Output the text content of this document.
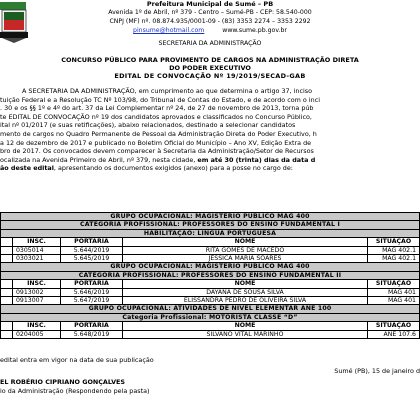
Prefeitura Municipal de Sumé – PB
Avenida 1º de Abril, nº 379 - Centro – Sumé-PB - CEP: 58.540-000
CNPJ (MF) nº. 08.874.935/0001-09 - (83) 3353 2274 – 3353 2292
pinsume@hotmail.com	www.sume.pb.gov.br
SECRETARIA DA ADMINISTRAÇÃO
CONCURSO PÚBLICO PARA PROVIMENTO DE CARGOS NA ADMINISTRAÇÃO DIRETA
DO PODER EXECUTIVO
EDITAL DE CONVOCAÇÃO Nº 19/2019/SECAD-GAB
A SECRETARIA DA ADMINISTRAÇÃO, em cumprimento ao que determina o artigo 37, inciso
tuição Federal e a Resolução TC Nº 103/98, do Tribunal de Contas do Estado, e de acordo com o inci
. 30 e os §§ 1º e 4º do art. 37 da Lei Complementar nº 24, de 27 de novembro de 2013, torna púb
te EDITAL DE CONVOCAÇÃO nº 19 dos candidatos aprovados e classificados no Concurso Público,
ital nº 01/2017 (e suas retificações), abaixo relacionados, destinado a selecionar candidatos
mento de cargos no Quadro Permanente de Pessoal da Administração Direta do Poder Executivo, h
a 12 de dezembro de 2017 e publicado no Boletim Oficial do Município – Ano XV, Edição Extra de
bro de 2017. Os convocados devem comparecer à Secretaria da Administração/Setor de Recursos
ocalizada na Avenida Primeiro de Abril, nº 379, nesta cidade, em até 30 (trinta) dias da data d
ão deste edital, apresentando os documentos exigidos (anexo) para a posse no cargo de:
GRUPO OCUPACIONAL: MAGISTÉRIO PÚBLICO MAG 400				
CATEGORIA PROFISSIONAL: PROFESSORES DO ENSINO FUNDAMENTAL I				
HABILITAÇÃO: LÍNGUA PORTUGUESA				
	INSC.	PORTARIA	NOME	SITUAÇÃO
	0305014	5.644/2019	RITA GOMES DE MACEDO	MAG 402.1
	0303021	5.645/2019	JÉSSICA MARIA SOARES	MAG 402.1
GRUPO OCUPACIONAL: MAGISTÉRIO PÚBLICO MAG 400				
CATEGORIA PROFISSIONAL: PROFESSORES DO ENSINO FUNDAMENTAL II				
	INSC.	PORTARIA	NOME	SITUAÇÃO
	0913002	5.646/2019	DAYANA DE SOUSA SILVA	MAG 401
	0913007	5.647/2019	ELISSANDRA PEDRO DE OLIVEIRA SILVA	MAG 401
GRUPO OCUPACIONAL: ATIVIDADES DE NIVEL ELEMENTAR ANE 100				
Categoria Profissional: MOTORISTA CLASSE “D”				
	INSC.	PORTARIA	NOME	SITUAÇÃO
	0204005	5.648/2019	SILVANO VITAL MARINHO	ANE 107.6
edital entra em vigor na data de sua publicação
Sumé (PB), 15 de janeiro d
EL ROBÉRIO CIPRIANO GONÇALVES
io da Administração (Respondendo pela pasta)
